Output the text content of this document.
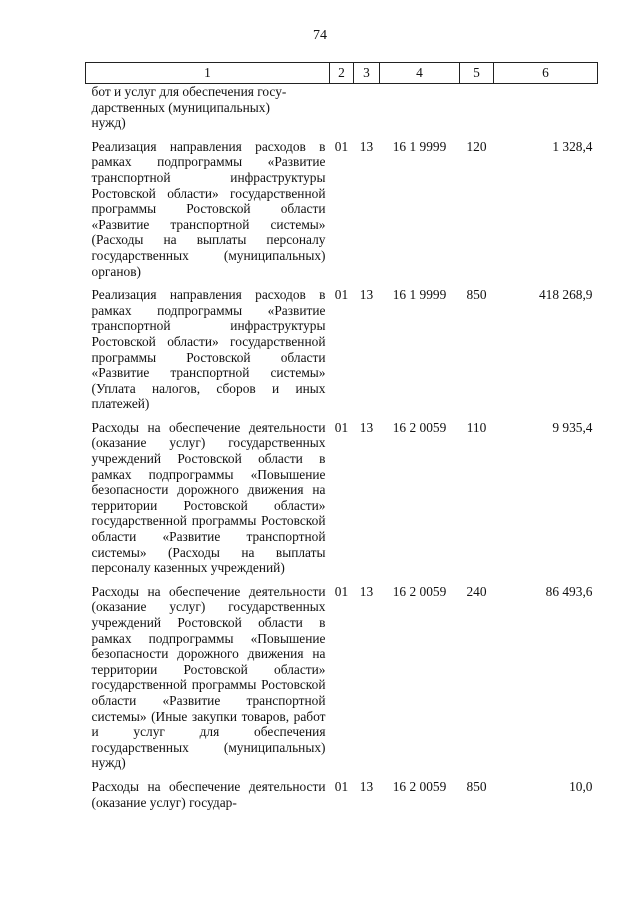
74
1	2	3	4	5	6
бот и услуг для обеспечения госу-
дарственных (муниципальных)
нужд)					
Реализация направления расходов в рамках подпрограммы «Развитие транспортной инфраструктуры Ростовской области» государственной программы Ростовской области «Развитие транспортной системы» (Расходы на выплаты персоналу государственных (муниципальных) органов)	01	13	16 1 9999	120	1 328,4
Реализация направления расходов в рамках подпрограммы «Развитие транспортной инфраструктуры Ростовской области» государственной программы Ростовской области «Развитие транспортной системы» (Уплата налогов, сборов и иных платежей)	01	13	16 1 9999	850	418 268,9
Расходы на обеспечение деятельности (оказание услуг) государственных учреждений Ростовской области в рамках подпрограммы «Повышение безопасности дорожного движения на территории Ростовской области» государственной программы Ростовской области «Развитие транспортной системы» (Расходы на выплаты персоналу казенных учреждений)	01	13	16 2 0059	110	9 935,4
Расходы на обеспечение деятельности (оказание услуг) государственных учреждений Ростовской области в рамках подпрограммы «Повышение безопасности дорожного движения на территории Ростовской области» государственной программы Ростовской области «Развитие транспортной системы» (Иные закупки товаров, работ и услуг для обеспечения государственных (муниципальных) нужд)	01	13	16 2 0059	240	86 493,6
Расходы на обеспечение деятельности (оказание услуг) государ-	01	13	16 2 0059	850	10,0
